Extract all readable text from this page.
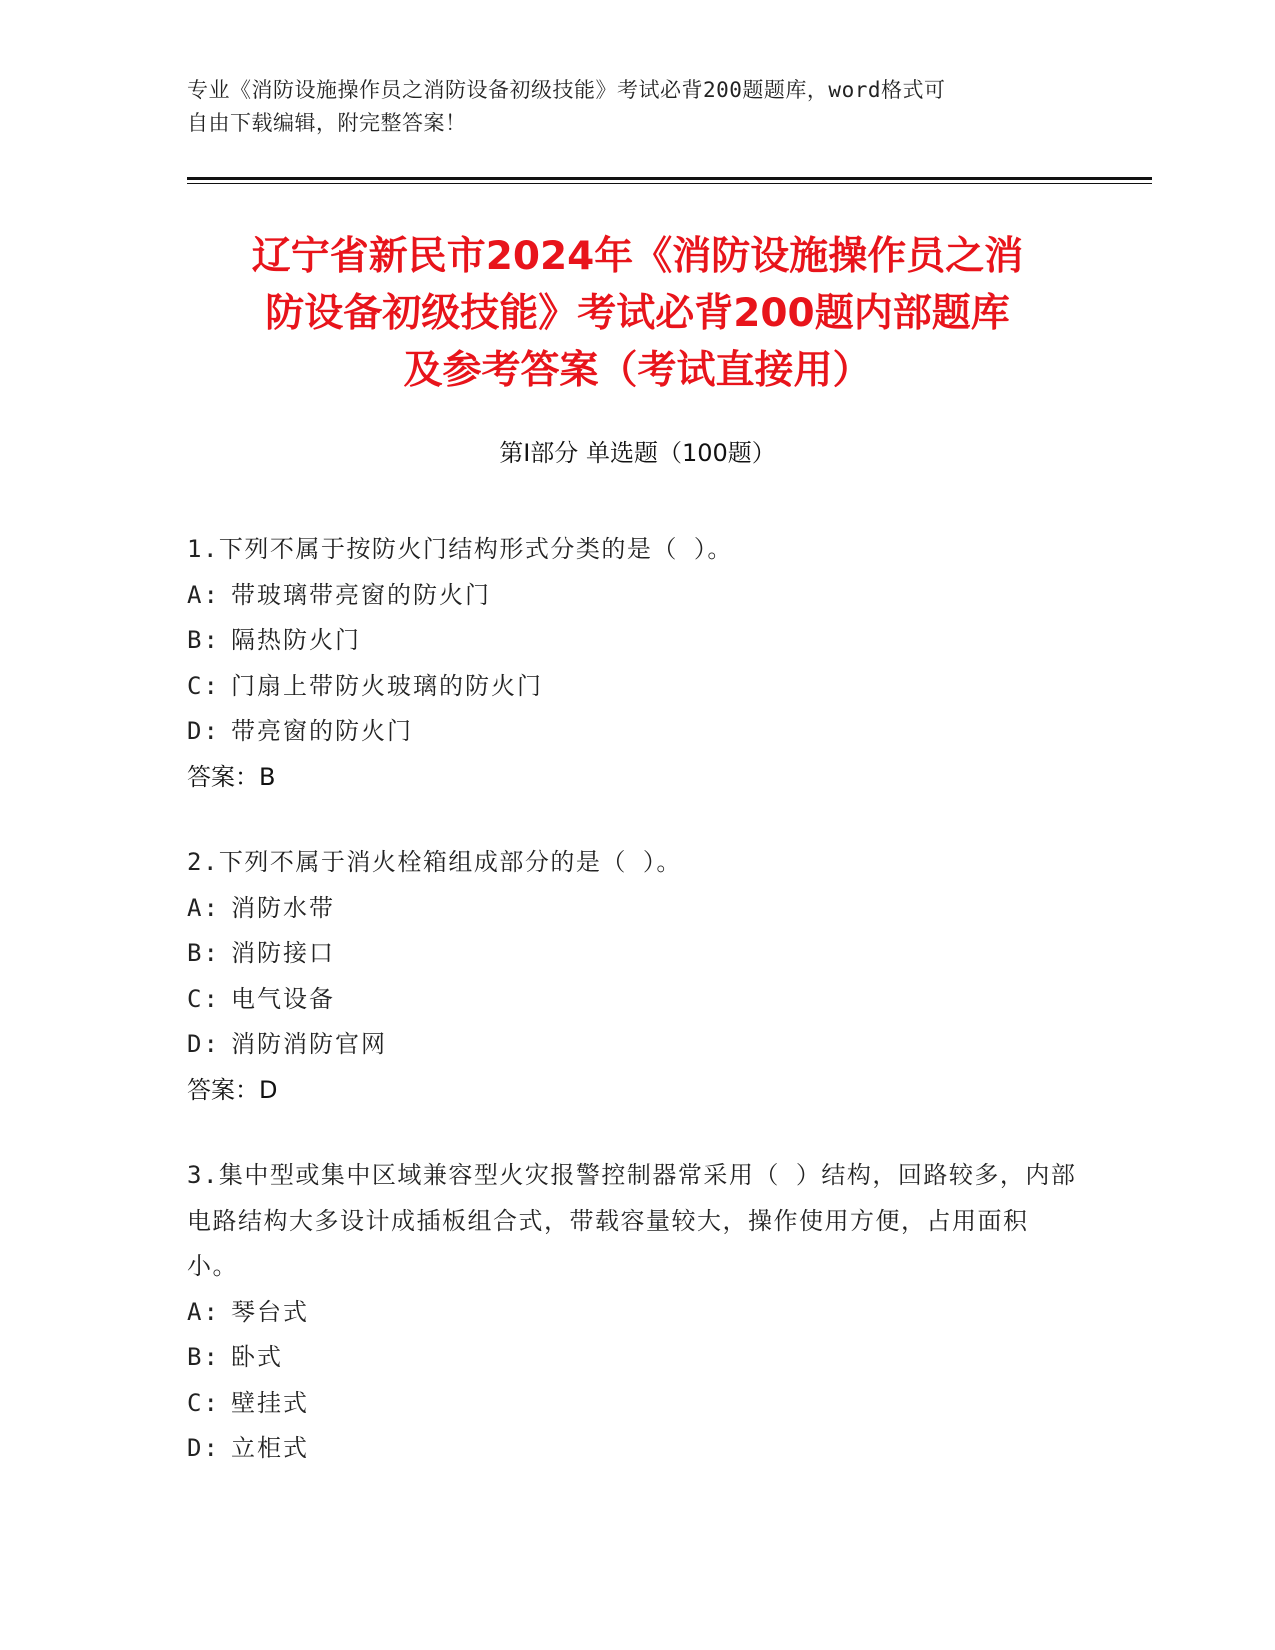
专业《消防设施操作员之消防设备初级技能》考试必背200题题库，word格式可
自由下载编辑，附完整答案！
辽宁省新民市2024年《消防设施操作员之消
防设备初级技能》考试必背200题内部题库
及参考答案（考试直接用）
第Ⅰ部分 单选题（100题）
1.下列不属于按防火门结构形式分类的是（ ）。
A: 带玻璃带亮窗的防火门
B: 隔热防火门
C: 门扇上带防火玻璃的防火门
D: 带亮窗的防火门
答案：B
2.下列不属于消火栓箱组成部分的是（ ）。
A: 消防水带
B: 消防接口
C: 电气设备
D: 消防消防官网
答案：D
3.集中型或集中区域兼容型火灾报警控制器常采用（ ）结构，回路较多，内部电路结构大多设计成插板组合式，带载容量较大，操作使用方便，占用面积小。
A: 琴台式
B: 卧式
C: 壁挂式
D: 立柜式
